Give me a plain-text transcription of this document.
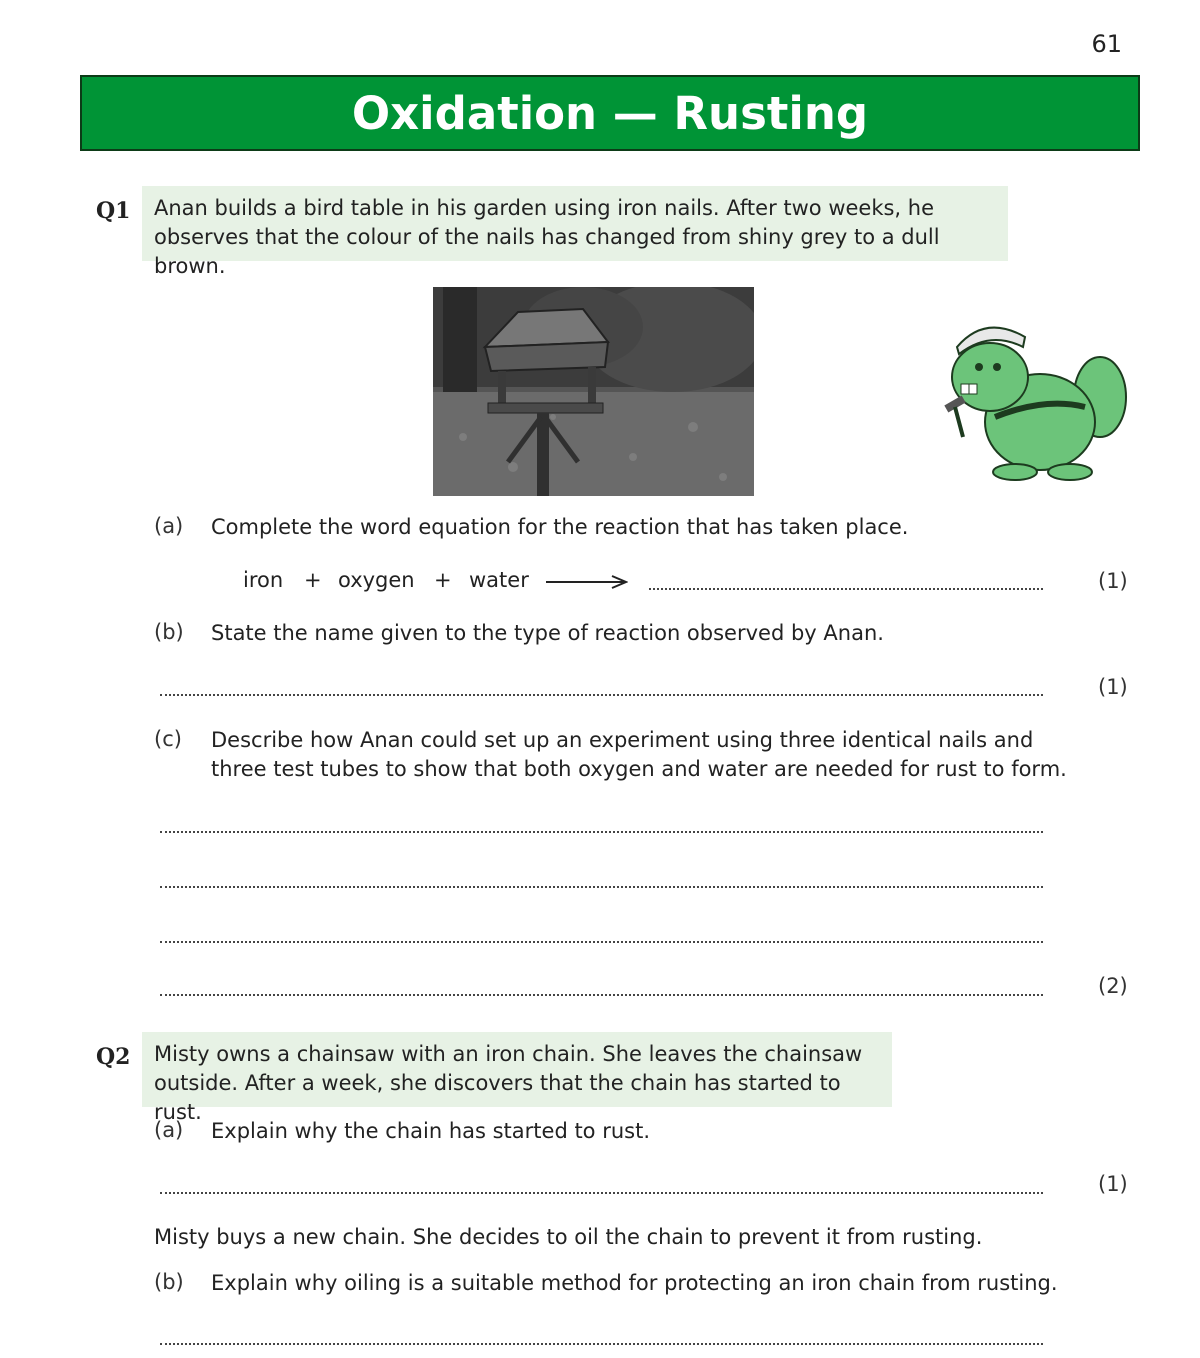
61
Oxidation — Rusting
Q1 Anan builds a bird table in his garden using iron nails. After two weeks, he
observes that the colour of the nails has changed from shiny grey to a dull brown.
(a) Complete the word equation for the reaction that has taken place.
iron + oxygen + water	(1)
(b) State the name given to the type of reaction observed by Anan.
(1)
(c) Describe how Anan could set up an experiment using three identical nails and
three test tubes to show that both oxygen and water are needed for rust to form.
(2)
Q2 Misty owns a chainsaw with an iron chain. She leaves the chainsaw
outside. After a week, she discovers that the chain has started to rust.
(a) Explain why the chain has started to rust.
(1)
Misty buys a new chain. She decides to oil the chain to prevent it from rusting.
(b) Explain why oiling is a suitable method for protecting an iron chain from rusting.
